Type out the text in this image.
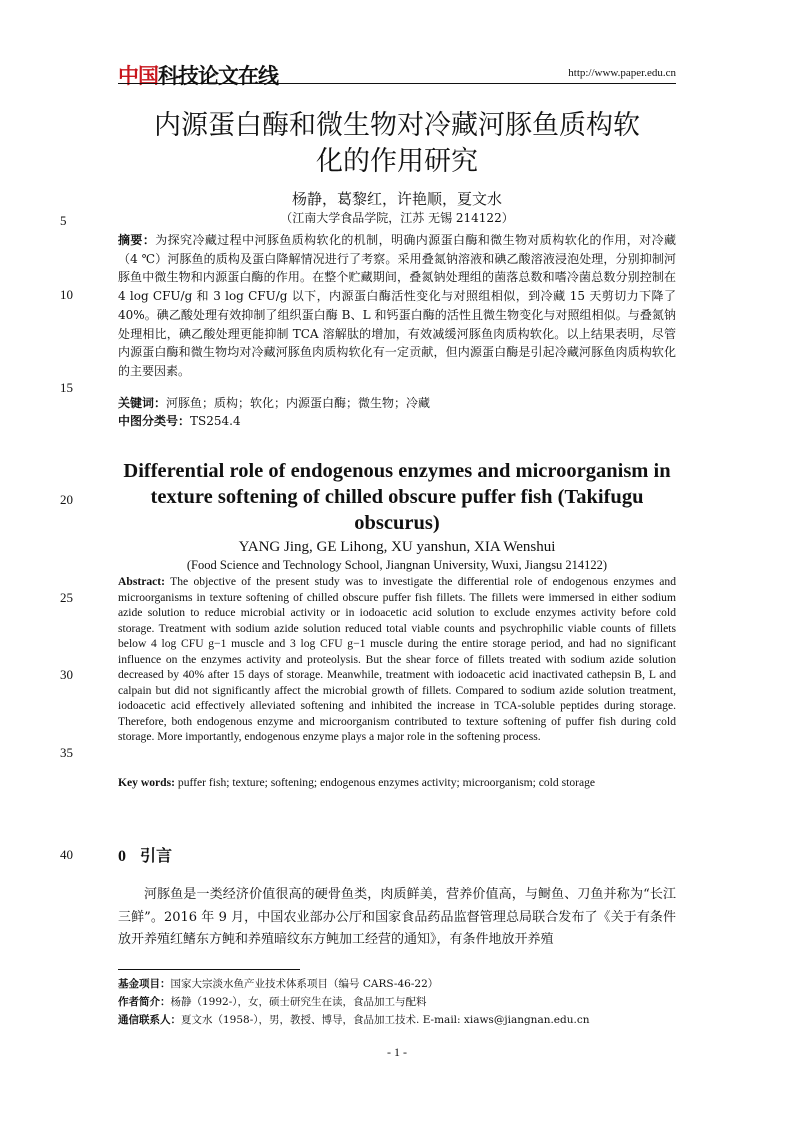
中国科技论文在线	http://www.paper.edu.cn
5
10
15
20
25
30
35
40
内源蛋白酶和微生物对冷藏河豚鱼质构软
化的作用研究
杨静，葛黎红，许艳顺，夏文水
（江南大学食品学院，江苏 无锡 214122）

摘要：为探究冷藏过程中河豚鱼质构软化的机制，明确内源蛋白酶和微生物对质构软化的作用，对冷藏（4 ℃）河豚鱼的质构及蛋白降解情况进行了考察。采用叠氮钠溶液和碘乙酸溶液浸泡处理，分别抑制河豚鱼中微生物和内源蛋白酶的作用。在整个贮藏期间，叠氮钠处理组的菌落总数和嗜冷菌总数分别控制在 4 log CFU/g 和 3 log CFU/g 以下，内源蛋白酶活性变化与对照组相似，到冷藏 15 天剪切力下降了 40%。碘乙酸处理有效抑制了组织蛋白酶 B、L 和钙蛋白酶的活性且微生物变化与对照组相似。与叠氮钠处理相比，碘乙酸处理更能抑制 TCA 溶解肽的增加，有效减缓河豚鱼肉质构软化。以上结果表明，尽管内源蛋白酶和微生物均对冷藏河豚鱼肉质构软化有一定贡献，但内源蛋白酶是引起冷藏河豚鱼肉质构软化的主要因素。

关键词：河豚鱼；质构；软化；内源蛋白酶；微生物；冷藏

中图分类号：TS254.4

Differential role of endogenous enzymes and microorganism in texture softening of chilled obscure puffer fish (Takifugu obscurus)
YANG Jing, GE Lihong, XU yanshun, XIA Wenshui
(Food Science and Technology School, Jiangnan University, Wuxi, Jiangsu 214122)

Abstract: The objective of the present study was to investigate the differential role of endogenous enzymes and microorganisms in texture softening of chilled obscure puffer fish fillets. The fillets were immersed in either sodium azide solution to reduce microbial activity or in iodoacetic acid solution to exclude enzymes activity before cold storage. Treatment with sodium azide solution reduced total viable counts and psychrophilic viable counts of fillets below 4 log CFU g−1 muscle and 3 log CFU g−1 muscle during the entire storage period, and had no significant influence on the enzymes activity and proteolysis. But the shear force of fillets treated with sodium azide solution decreased by 40% after 15 days of storage. Meanwhile, treatment with iodoacetic acid inactivated cathepsin B, L and calpain but did not significantly affect the microbial growth of fillets. Compared to sodium azide solution treatment, iodoacetic acid effectively alleviated softening and inhibited the increase in TCA-soluble peptides during storage. Therefore, both endogenous enzyme and microorganism contributed to texture softening of puffer fish during cold storage. More importantly, endogenous enzyme plays a major role in the softening process.

Key words: puffer fish; texture; softening; endogenous enzymes activity; microorganism; cold storage

0 引言

河豚鱼是一类经济价值很高的硬骨鱼类，肉质鲜美，营养价值高，与鲥鱼、刀鱼并称为“长江三鲜”。2016 年 9 月，中国农业部办公厅和国家食品药品监督管理总局联合发布了《关于有条件放开养殖红鳍东方鲀和养殖暗纹东方鲀加工经营的通知》，有条件地放开养殖

基金项目：国家大宗淡水鱼产业技术体系项目（编号 CARS-46-22）
作者简介：杨静（1992-），女，硕士研究生在读，食品加工与配料
通信联系人：夏文水（1958-），男，教授、博导，食品加工技术. E-mail: xiaws@jiangnan.edu.cn
- 1 -
